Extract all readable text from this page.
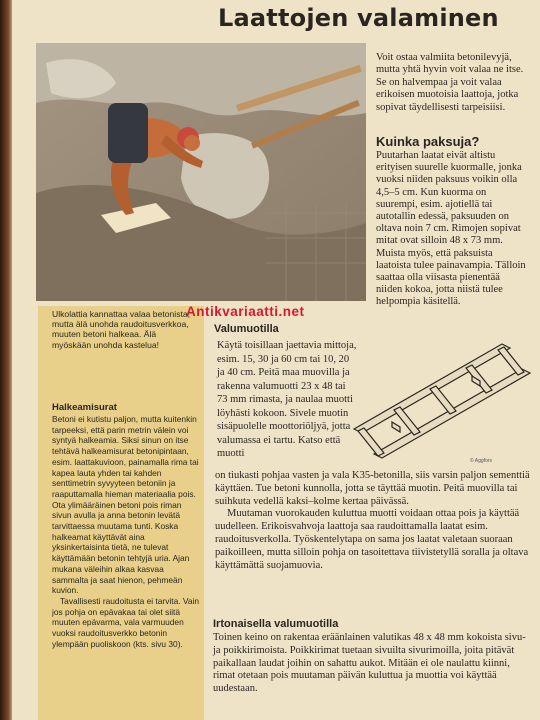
Laattojen valaminen
Voit ostaa valmiita betonilevyjä, mutta yhtä hyvin voit valaa ne itse. Se on halvempaa ja voit valaa erikoisen muotoisia laattoja, jotka sopivat täydellisesti tarpeisiisi.
Kuinka paksuja?
Puutarhan laatat eivät altistu erityisen suurelle kuormalle, jonka vuoksi niiden paksuus voikin olla 4,5–5 cm. Kun kuorma on suurempi, esim. ajotiellä tai autotallin edessä, paksuuden on oltava noin 7 cm. Rimojen sopivat mitat ovat silloin 48 x 73 mm. Muista myös, että paksuista laatoista tulee painavampia. Tälloin saattaa olla viisasta pienentää niiden kokoa, jotta niistä tulee helpompia käsitellä.
Ulkolattia kannattaa valaa betonista, mutta älä unohda raudoitusverkkoa, muuten betoni halkeaa. Älä myöskään unohda kastelua!
Halkeamisurat

Betoni ei kutistu paljon, mutta kuitenkin tarpeeksi, että parin metrin välein voi syntyä halkeamia. Siksi sinun on itse tehtävä halkeamisurat betonipintaan, esim. laattakuvioon, painamalla rima tai kapea lauta yhden tai kahden senttimetrin syvyyteen betoniin ja raaputtamalla hieman materiaalia pois. Ota ylimääräinen betoni pois riman sivun avulla ja anna betonin levätä tarvittaessa muutama tunti. Koska halkeamat käyttävät aina yksinkertaisinta tietä, ne tulevat käyttämään betonin tehtyjä uria. Ajan mukana väleihin alkaa kasvaa sammalta ja saat hienon, pehmeän kuvion.

Tavallisesti raudoitusta ei tarvita. Vain jos pohja on epävakaa tai olet siitä muuten epävarma, vala varmuuden vuoksi raudoitusverkko betonin ylempään puoliskoon (kts. sivu 30).

Antikvariaatti.net
Valumuotilla
Käytä toisillaan jaettavia mittoja, esim. 15, 30 ja 60 cm tai 10, 20 ja 40 cm. Peitä maa muovilla ja rakenna valumuotti 23 x 48 tai 73 mm rimasta, ja naulaa muotti löyhästi kokoon. Sivele muotin sisäpuolelle moottoriöljyä, jotta valumassa ei tartu. Katso että muotti
© Aggfors

on tiukasti pohjaa vasten ja vala K35-betonilla, siis varsin paljon sementtiä käyttäen. Tue betoni kunnolla, jotta se täyttää muotin. Peitä muovilla tai suihkuta vedellä kaksi–kolme kertaa päivässä.

Muutaman vuorokauden kuluttua muotti voidaan ottaa pois ja käyttää uudelleen. Erikoisvahvoja laattoja saa raudoittamalla laatat esim. raudoitusverkolla. Työskentelytapa on sama jos laatat valetaan suoraan paikoilleen, mutta silloin pohja on tasoitettava tiivistetyllä soralla ja oltava käyttämättä suojamuovia.

Irtonaisella valumuotilla
Toinen keino on rakentaa eräänlainen valutikas 48 x 48 mm kokoista sivu- ja poikkirimoista. Poikkirimat tuetaan sivuilta sivurimoilla, joita pitävät paikallaan laudat joihin on sahattu aukot. Mitään ei ole naulattu kiinni, rimat otetaan pois muutaman päivän kuluttua ja muottia voi käyttää uudestaan.
